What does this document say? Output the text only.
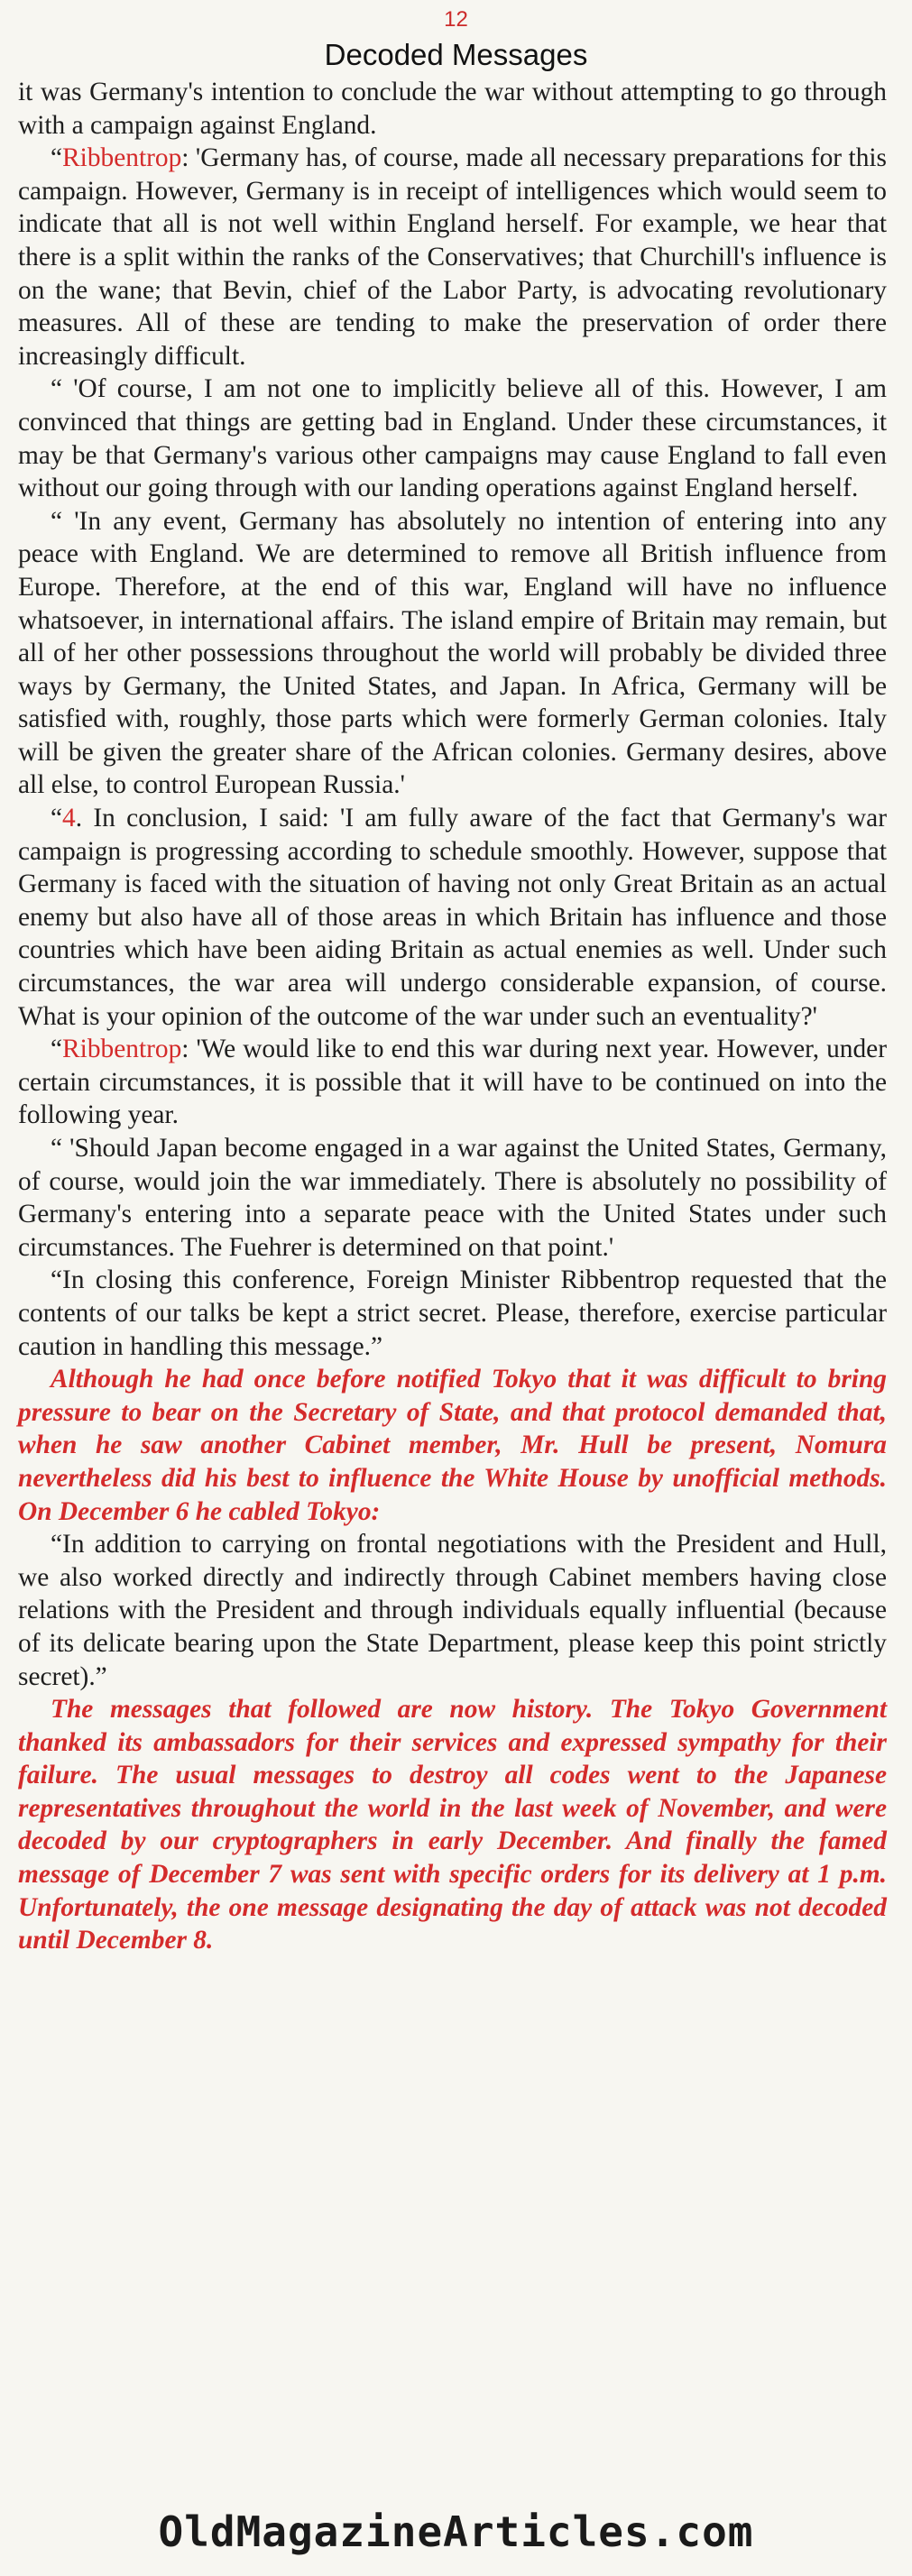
12
Decoded Messages

it was Germany's intention to conclude the war without attempting to go through with a campaign against England.

“Ribbentrop: 'Germany has, of course, made all necessary preparations for this campaign. However, Germany is in receipt of intelligences which would seem to indicate that all is not well within England herself. For example, we hear that there is a split within the ranks of the Conservatives; that Churchill's influence is on the wane; that Bevin, chief of the Labor Party, is advocating revolutionary measures. All of these are tending to make the preservation of order there increasingly difficult.

“ 'Of course, I am not one to implicitly believe all of this. However, I am convinced that things are getting bad in England. Under these circumstances, it may be that Germany's various other campaigns may cause England to fall even without our going through with our landing operations against England herself.

“ 'In any event, Germany has absolutely no intention of entering into any peace with England. We are determined to remove all British influence from Europe. Therefore, at the end of this war, England will have no influence whatsoever, in international affairs. The island empire of Britain may remain, but all of her other possessions throughout the world will probably be divided three ways by Germany, the United States, and Japan. In Africa, Germany will be satisfied with, roughly, those parts which were formerly German colonies. Italy will be given the greater share of the African colonies. Germany desires, above all else, to control European Russia.'

“4. In conclusion, I said: 'I am fully aware of the fact that Germany's war campaign is progressing according to schedule smoothly. However, suppose that Germany is faced with the situation of having not only Great Britain as an actual enemy but also have all of those areas in which Britain has influence and those countries which have been aiding Britain as actual enemies as well. Under such circumstances, the war area will undergo considerable expansion, of course. What is your opinion of the outcome of the war under such an eventuality?'

“Ribbentrop: 'We would like to end this war during next year. However, under certain circumstances, it is possible that it will have to be continued on into the following year.

“ 'Should Japan become engaged in a war against the United States, Germany, of course, would join the war immediately. There is absolutely no possibility of Germany's entering into a separate peace with the United States under such circumstances. The Fuehrer is determined on that point.'

“In closing this conference, Foreign Minister Ribbentrop requested that the contents of our talks be kept a strict secret. Please, therefore, exercise particular caution in handling this message.”

Although he had once before notified Tokyo that it was difficult to bring pressure to bear on the Secretary of State, and that protocol demanded that, when he saw another Cabinet member, Mr. Hull be present, Nomura nevertheless did his best to influence the White House by unofficial methods. On December 6 he cabled Tokyo:

“In addition to carrying on frontal negotiations with the President and Hull, we also worked directly and indirectly through Cabinet members having close relations with the President and through individuals equally influential (because of its delicate bearing upon the State Department, please keep this point strictly secret).”

The messages that followed are now history. The Tokyo Government thanked its ambassadors for their services and expressed sympathy for their failure. The usual messages to destroy all codes went to the Japanese representatives throughout the world in the last week of November, and were decoded by our cryptographers in early December. And finally the famed message of December 7 was sent with specific orders for its delivery at 1 p.m. Unfortunately, the one message designating the day of attack was not decoded until December 8.

OldMagazineArticles.com
